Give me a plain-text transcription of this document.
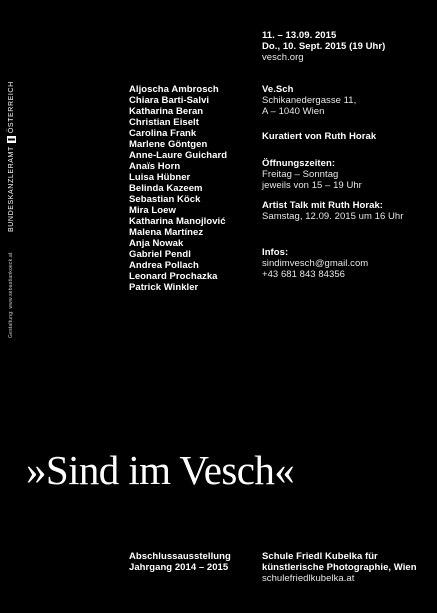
11. – 13.09. 2015
Do., 10. Sept. 2015 (19 Uhr)
vesch.org
Aljoscha Ambrosch
Chiara Barti-Salvi
Katharina Beran
Christian Eiselt
Carolina Frank
Marlene Göntgen
Anne-Laure Guichard
Anaïs Horn
Luisa Hübner
Belinda Kazeem
Sebastian Köck
Mira Loew
Katharina Manojlović
Malena Martínez
Anja Nowak
Gabriel Pendl
Andrea Pollach
Leonard Prochazka
Patrick Winkler
Ve.Sch
Schikanedergasse 11,
A – 1040 Wien
Kuratiert von Ruth Horak
Öffnungszeiten:
Freitag – Sonntag
jeweils von 15 – 19 Uhr
Artist Talk mit Ruth Horak:
Samstag, 12.09. 2015 um 16 Uhr
Infos:
sindimvesch@gmail.com
+43 681 843 84356
»Sind im Vesch«
Abschlussausstellung
Jahrgang 2014 – 2015
Schule Friedl Kubelka für
künstlerische Photographie, Wien
schulefriedlkubelka.at
BUNDESKANZLERAMT
ÖSTERREICH
Gestaltung: www.sebastiankoeck.at
